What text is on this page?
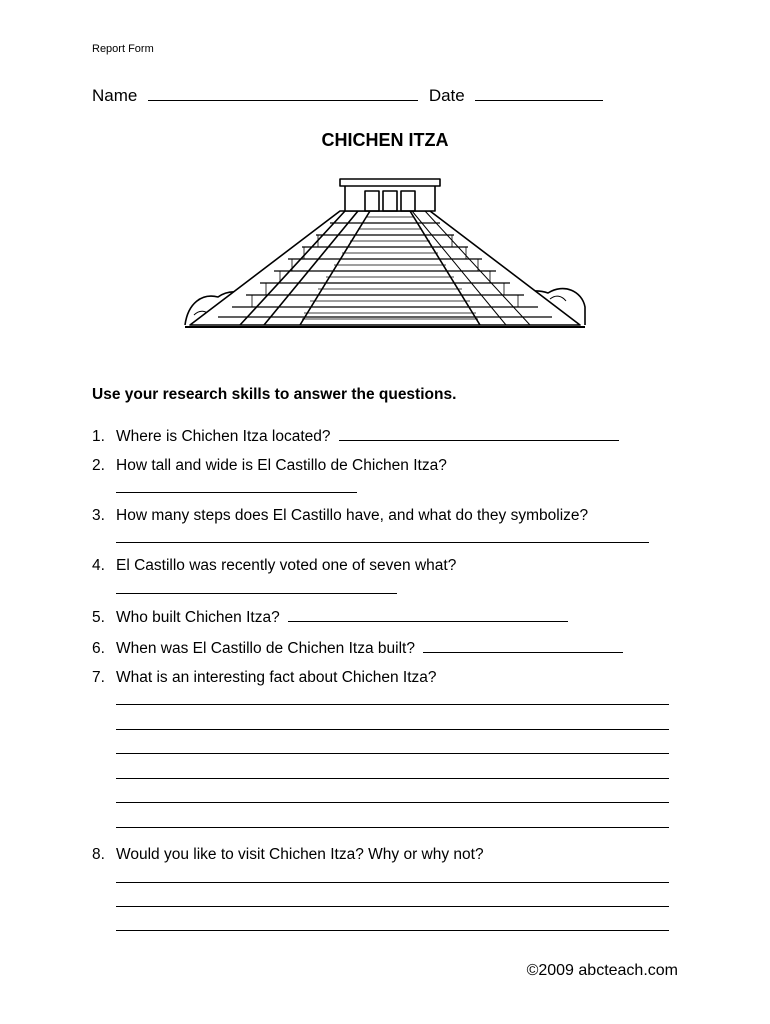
Report Form
Name	Date
CHICHEN ITZA
Use your research skills to answer the questions.
1. Where is Chichen Itza located?
2. How tall and wide is El Castillo de Chichen Itza?
3. How many steps does El Castillo have, and what do they symbolize?
4. El Castillo was recently voted one of seven what?
5. Who built Chichen Itza?
6. When was El Castillo de Chichen Itza built?
7. What is an interesting fact about Chichen Itza?
8. Would you like to visit Chichen Itza? Why or why not?
©2009 abcteach.com
